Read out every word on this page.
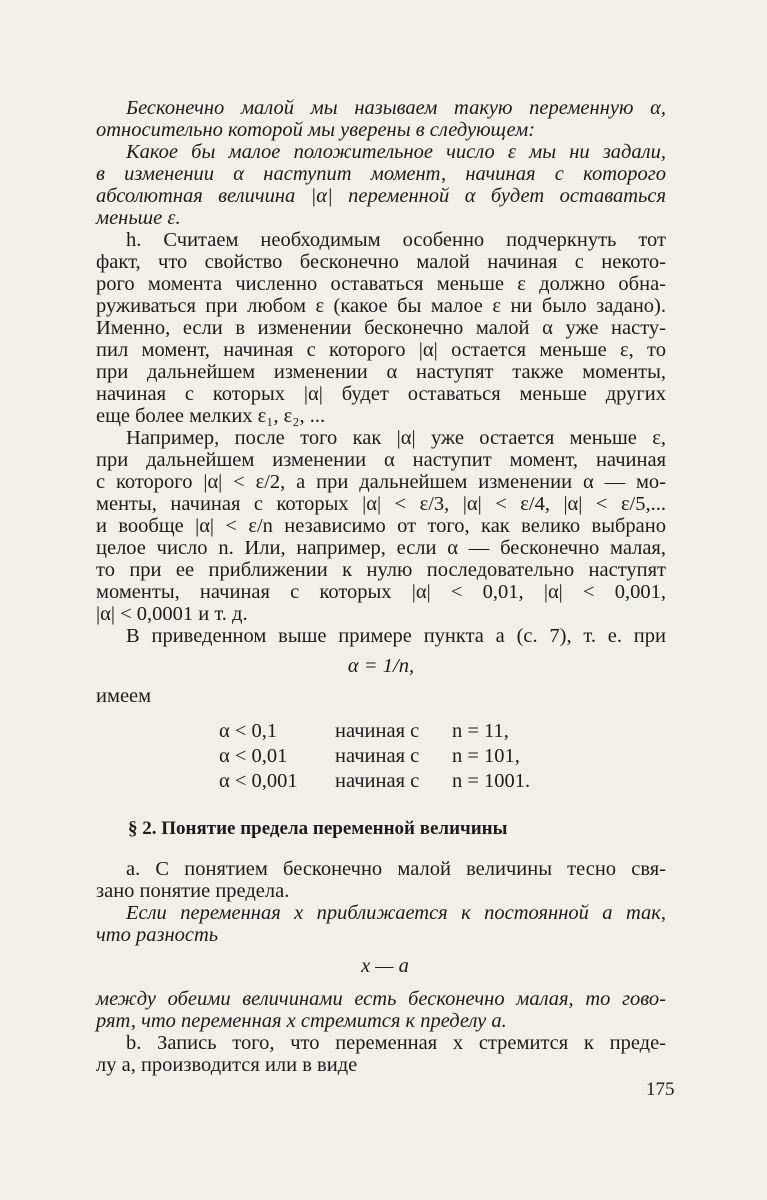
Бесконечно малой мы называем такую переменную α,
относительно которой мы уверены в следующем:
Какое бы малое положительное число ε мы ни задали,
в изменении α наступит момент, начиная с которого
абсолютная величина |α| переменной α будет оставаться
меньше ε.
h. Считаем необходимым особенно подчеркнуть тот
факт, что свойство бесконечно малой начиная с некото-
рого момента численно оставаться меньше ε должно обна-
руживаться при любом ε (какое бы малое ε ни было задано).
Именно, если в изменении бесконечно малой α уже насту-
пил момент, начиная с которого |α| остается меньше ε, то
при дальнейшем изменении α наступят также моменты,
начиная с которых |α| будет оставаться меньше других
еще более мелких ε₁, ε₂, ...
Например, после того как |α| уже остается меньше ε,
при дальнейшем изменении α наступит момент, начиная
с которого |α| < ε/2, а при дальнейшем изменении α — мо-
менты, начиная с которых |α| < ε/3, |α| < ε/4, |α| < ε/5,...
и вообще |α| < ε/n независимо от того, как велико выбрано
целое число n. Или, например, если α — бесконечно малая,
то при ее приближении к нулю последовательно наступят
моменты, начиная с которых |α| < 0,01, |α| < 0,001,
|α| < 0,0001 и т. д.
В приведенном выше примере пункта a (с. 7), т. е. при
α = 1/n,
имеем
α < 0,1	начиная с n = 11,
α < 0,01 начиная с n = 101,
α < 0,001 начиная с n = 1001.
§ 2. Понятие предела переменной величины
a. С понятием бесконечно малой величины тесно свя-
зано понятие предела.
Если переменная x приближается к постоянной a так,
что разность
x — a
между обеими величинами есть бесконечно малая, то гово-
рят, что переменная x стремится к пределу a.
b. Запись того, что переменная x стремится к преде-
лу a, производится или в виде
175
